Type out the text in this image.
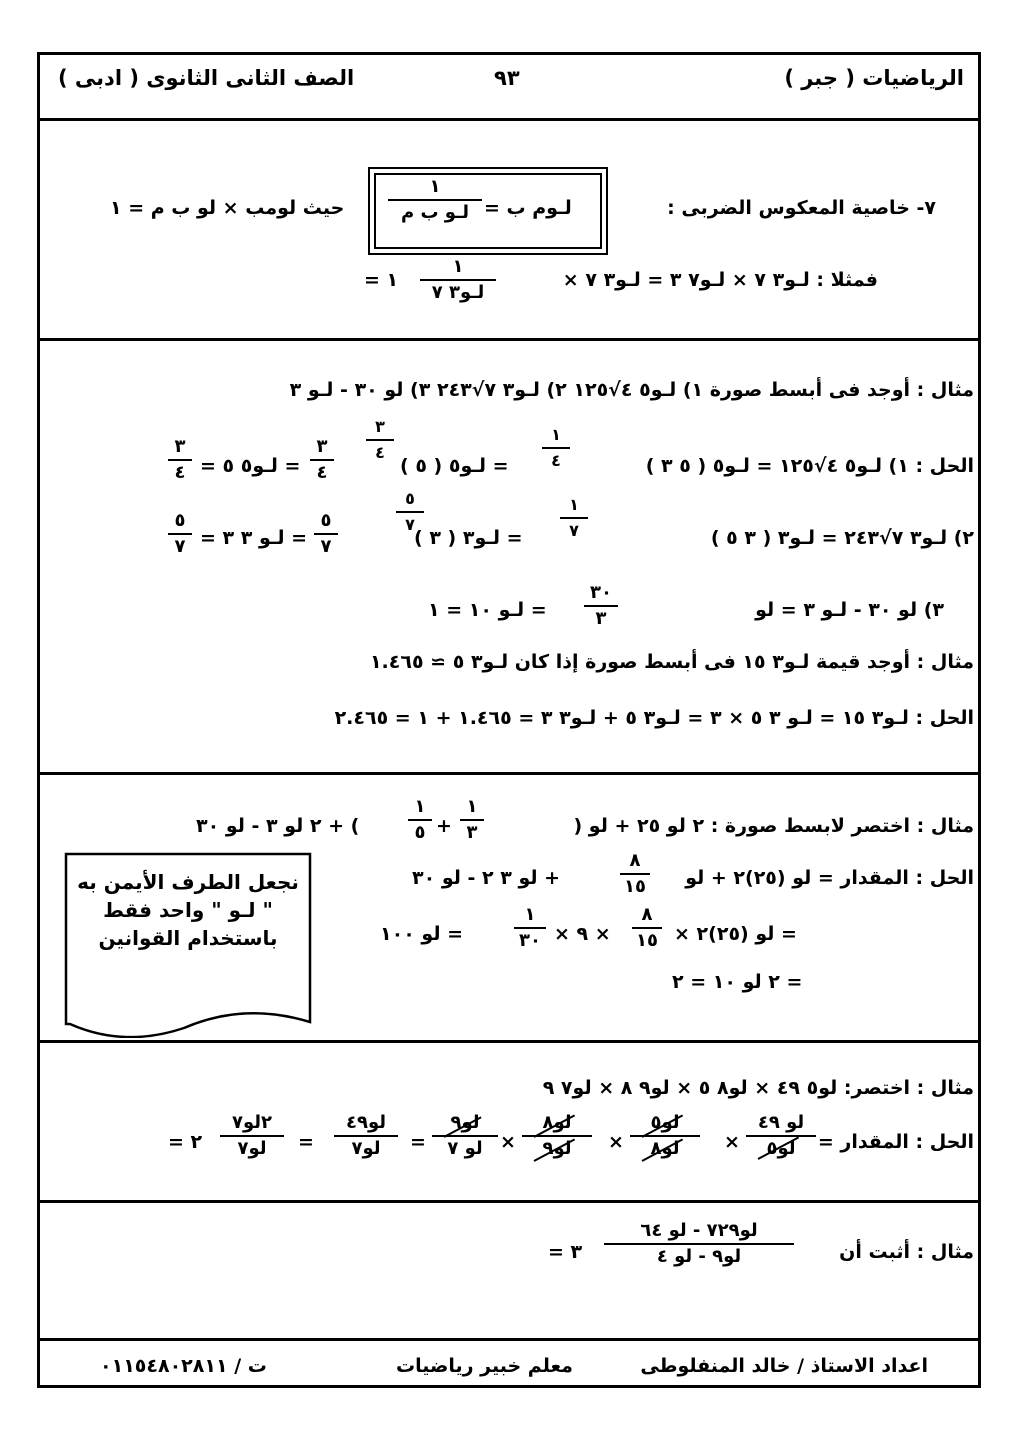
الرياضيات ( جبر )
٩٣
الصف الثانى الثانوى ( ادبى )
٧- خاصية المعكوس الضربى :
لـوم ب =
١
لـو ب م
حيث لومب × لو ب م = ١
فمثلا : لـو٣ ٧ × لـو٧ ٣ = لـو٣ ٧ ×
١
لـو٣ ٧
= ١
مثال : أوجد فى أبسط صورة ١) لـو٥ ٤√١٢٥ ٢) لـو٣ ٧√٢٤٣ ٣) لو ٣٠ - لـو ٣
الحل : ١) لـو٥ ٤√١٢٥ = لـو٥ ( ٥ ٣ )
١
٤
= لـو٥ ( ٥ )
٣
٤
٣
٤
= لـو٥ ٥ =
٣
٤
٢) لـو٣ ٧√٢٤٣ = لـو٣ ( ٣ ٥ )
١
٧
= لـو٣ ( ٣ )
٥
٧
٥
٧
= لـو ٣ ٣ =
٥
٧
٣) لو ٣٠ - لـو ٣ = لو
٣٠
٣
= لـو ١٠ = ١
مثال : أوجد قيمة لـو٣ ١٥ فى أبسط صورة إذا كان لـو٣ ٥ ≃ ١.٤٦٥
الحل : لـو٣ ١٥ = لـو ٣ ٥ × ٣ = لـو٣ ٥ + لـو٣ ٣ = ١.٤٦٥ + ١ = ٢.٤٦٥
مثال : اختصر لابسط صورة : ٢ لو ٢٥ + لو (
١
٣
+
١
٥
) + ٢ لو ٣ - لو ٣٠
الحل : المقدار = لو (٢٥)٢ + لو
٨
١٥
+ لو ٣ ٢ - لو ٣٠
= لو (٢٥)٢ ×
٨
١٥
× ٩ ×
١
٣٠
= لو ١٠٠
= ٢ لو ١٠ = ٢
نجعل الطرف الأيمن به " لـو " واحد فقط باستخدام القوانين
مثال : اختصر: لو٥ ٤٩ × لو٨ ٥ × لو٩ ٨ × لو٧ ٩
الحل : المقدار =
لو ٤٩
لو٥
×
لو٥
لو٨
×
لو٨
لو٩
×
لو٩
لو ٧
=
لو٤٩
لو٧
=
٢لو٧
لو٧
= ٢
مثال : أثبت أن
لو٧٢٩ - لو ٦٤
لو٩ - لو ٤
= ٣
اعداد الاستاذ / خالد المنفلوطى
معلم خبير رياضيات
ت / ٠١١٥٤٨٠٢٨١١
